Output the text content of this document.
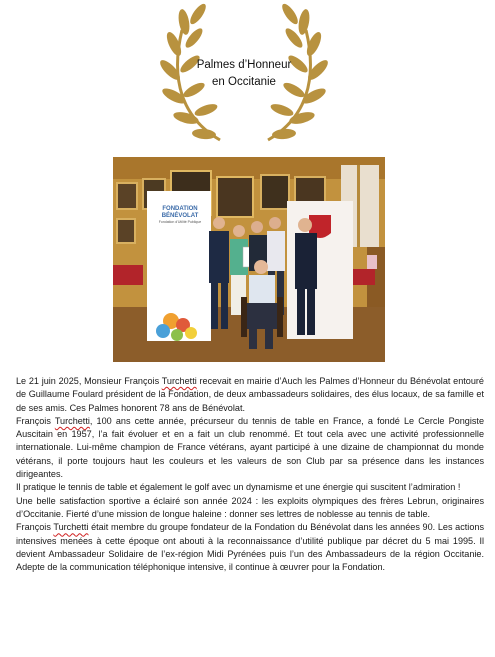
Palmes d’Honneur
en Occitanie
FONDATION
BÉNÉVOLAT
Fondation d'Utilité Publique

Le 21 juin 2025, Monsieur François Turchetti recevait en mairie d’Auch les Palmes d’Honneur du Bénévolat entouré de Guillaume Foulard président de la Fondation, de deux ambassadeurs solidaires, des élus locaux, de sa famille et de ses amis. Ces Palmes honorent 78 ans de Bénévolat.

François Turchetti, 100 ans cette année, précurseur du tennis de table en France, a fondé Le Cercle Pongiste Auscitain en 1957, l’a fait évoluer et en a fait un club renommé. Et tout cela avec une activité professionnelle internationale. Lui-même champion de France vétérans, ayant participé à une dizaine de championnat du monde vétérans, il porte toujours haut les couleurs et les valeurs de son Club par sa présence dans les instances dirigeantes.

Il pratique le tennis de table et également le golf avec un dynamisme et une énergie qui suscitent l’admiration !

Une belle satisfaction sportive a éclairé son année 2024 : les exploits olympiques des frères Lebrun, originaires d’Occitanie. Fierté d’une mission de longue haleine : donner ses lettres de noblesse au tennis de table.

François Turchetti était membre du groupe fondateur de la Fondation du Bénévolat dans les années 90. Les actions intensives menées à cette époque ont abouti à la reconnaissance d’utilité publique par décret du 5 mai 1995. Il devient Ambassadeur Solidaire de l’ex-région Midi Pyrénées puis l’un des Ambassadeurs de la région Occitanie. Adepte de la communication téléphonique intensive, il continue à œuvrer pour la Fondation.
